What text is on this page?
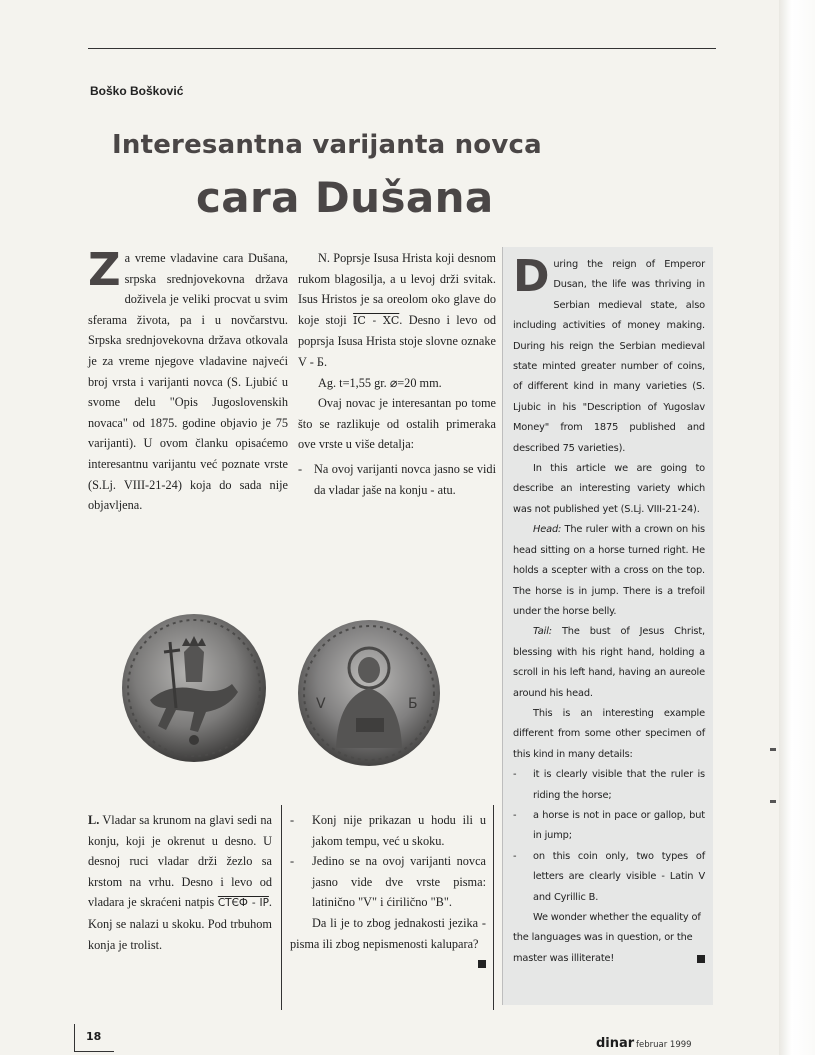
Boško Bošković
Interesantna varijanta novca
cara Dušana

Za vreme vladavine cara Dušana, srpska srednjovekovna država doživela je veliki procvat u svim sferama života, pa i u novčarstvu. Srpska srednjovekovna država otkovala je za vreme njegove vladavine najveći broj vrsta i varijanti novca (S. Ljubić u svome delu "Opis Jugoslovenskih novaca" od 1875. godine objavio je 75 varijanti). U ovom članku opisaćemo interesantnu varijantu već poznate vrste (S.Lj. VIII-21-24) koja do sada nije objavljena.

N. Poprsje Isusa Hrista koji desnom rukom blagosilja, a u levoj drži svitak. Isus Hristos je sa oreolom oko glave do koje stoji ΙC - ΧC. Desno i levo od poprsja Isusa Hrista stoje slovne oznake V - Б.

Ag. t=1,55 gr. ⌀=20 mm.

Ovaj novac je interesantan po tome što se razlikuje od ostalih primeraka ove vrste u više detalja:

- Na ovoj varijanti novca jasno se vidi da vladar jaše na konju - atu.

During the reign of Emperor Dusan, the life was thriving in Serbian medieval state, also including activities of money making. During his reign the Serbian medieval state minted greater number of coins, of different kind in many varieties (S. Ljubic in his "Description of Yugoslav Money" from 1875 published and described 75 varieties).

In this article we are going to describe an interesting variety which was not published yet (S.Lj. VIII-21-24).

Head: The ruler with a crown on his head sitting on a horse turned right. He holds a scepter with a cross on the top. The horse is in jump. There is a trefoil under the horse belly.

Tail: The bust of Jesus Christ, blessing with his right hand, holding a scroll in his left hand, having an aureole around his head.

This is an interesting example different from some other specimen of this kind in many details:

-	it is clearly visible that the ruler is riding the horse;
-	a horse is not in pace or gallop, but in jump;
-	on this coin only, two types of letters are clearly visible - Latin V and Cyrillic B.

We wonder whether the equality of the languages was in question, or the master was illiterate!

V	Б

L. Vladar sa krunom na glavi sedi na konju, koji je okrenut u desno. U desnoj ruci vladar drži žezlo sa krstom na vrhu. Desno i levo od vladara je skraćeni natpis СΤЄФ - ΙΡ. Konj se nalazi u skoku. Pod trbuhom konja je trolist.

-	Konj nije prikazan u hodu ili u jakom tempu, već u skoku.
-	Jedino se na ovoj varijanti novca jasno vide dve vrste pisma: latinično "V" i ćirilično "B".

Da li je to zbog jednakosti jezika - pisma ili zbog nepismenosti kalupara?

18	dinar februar 1999
